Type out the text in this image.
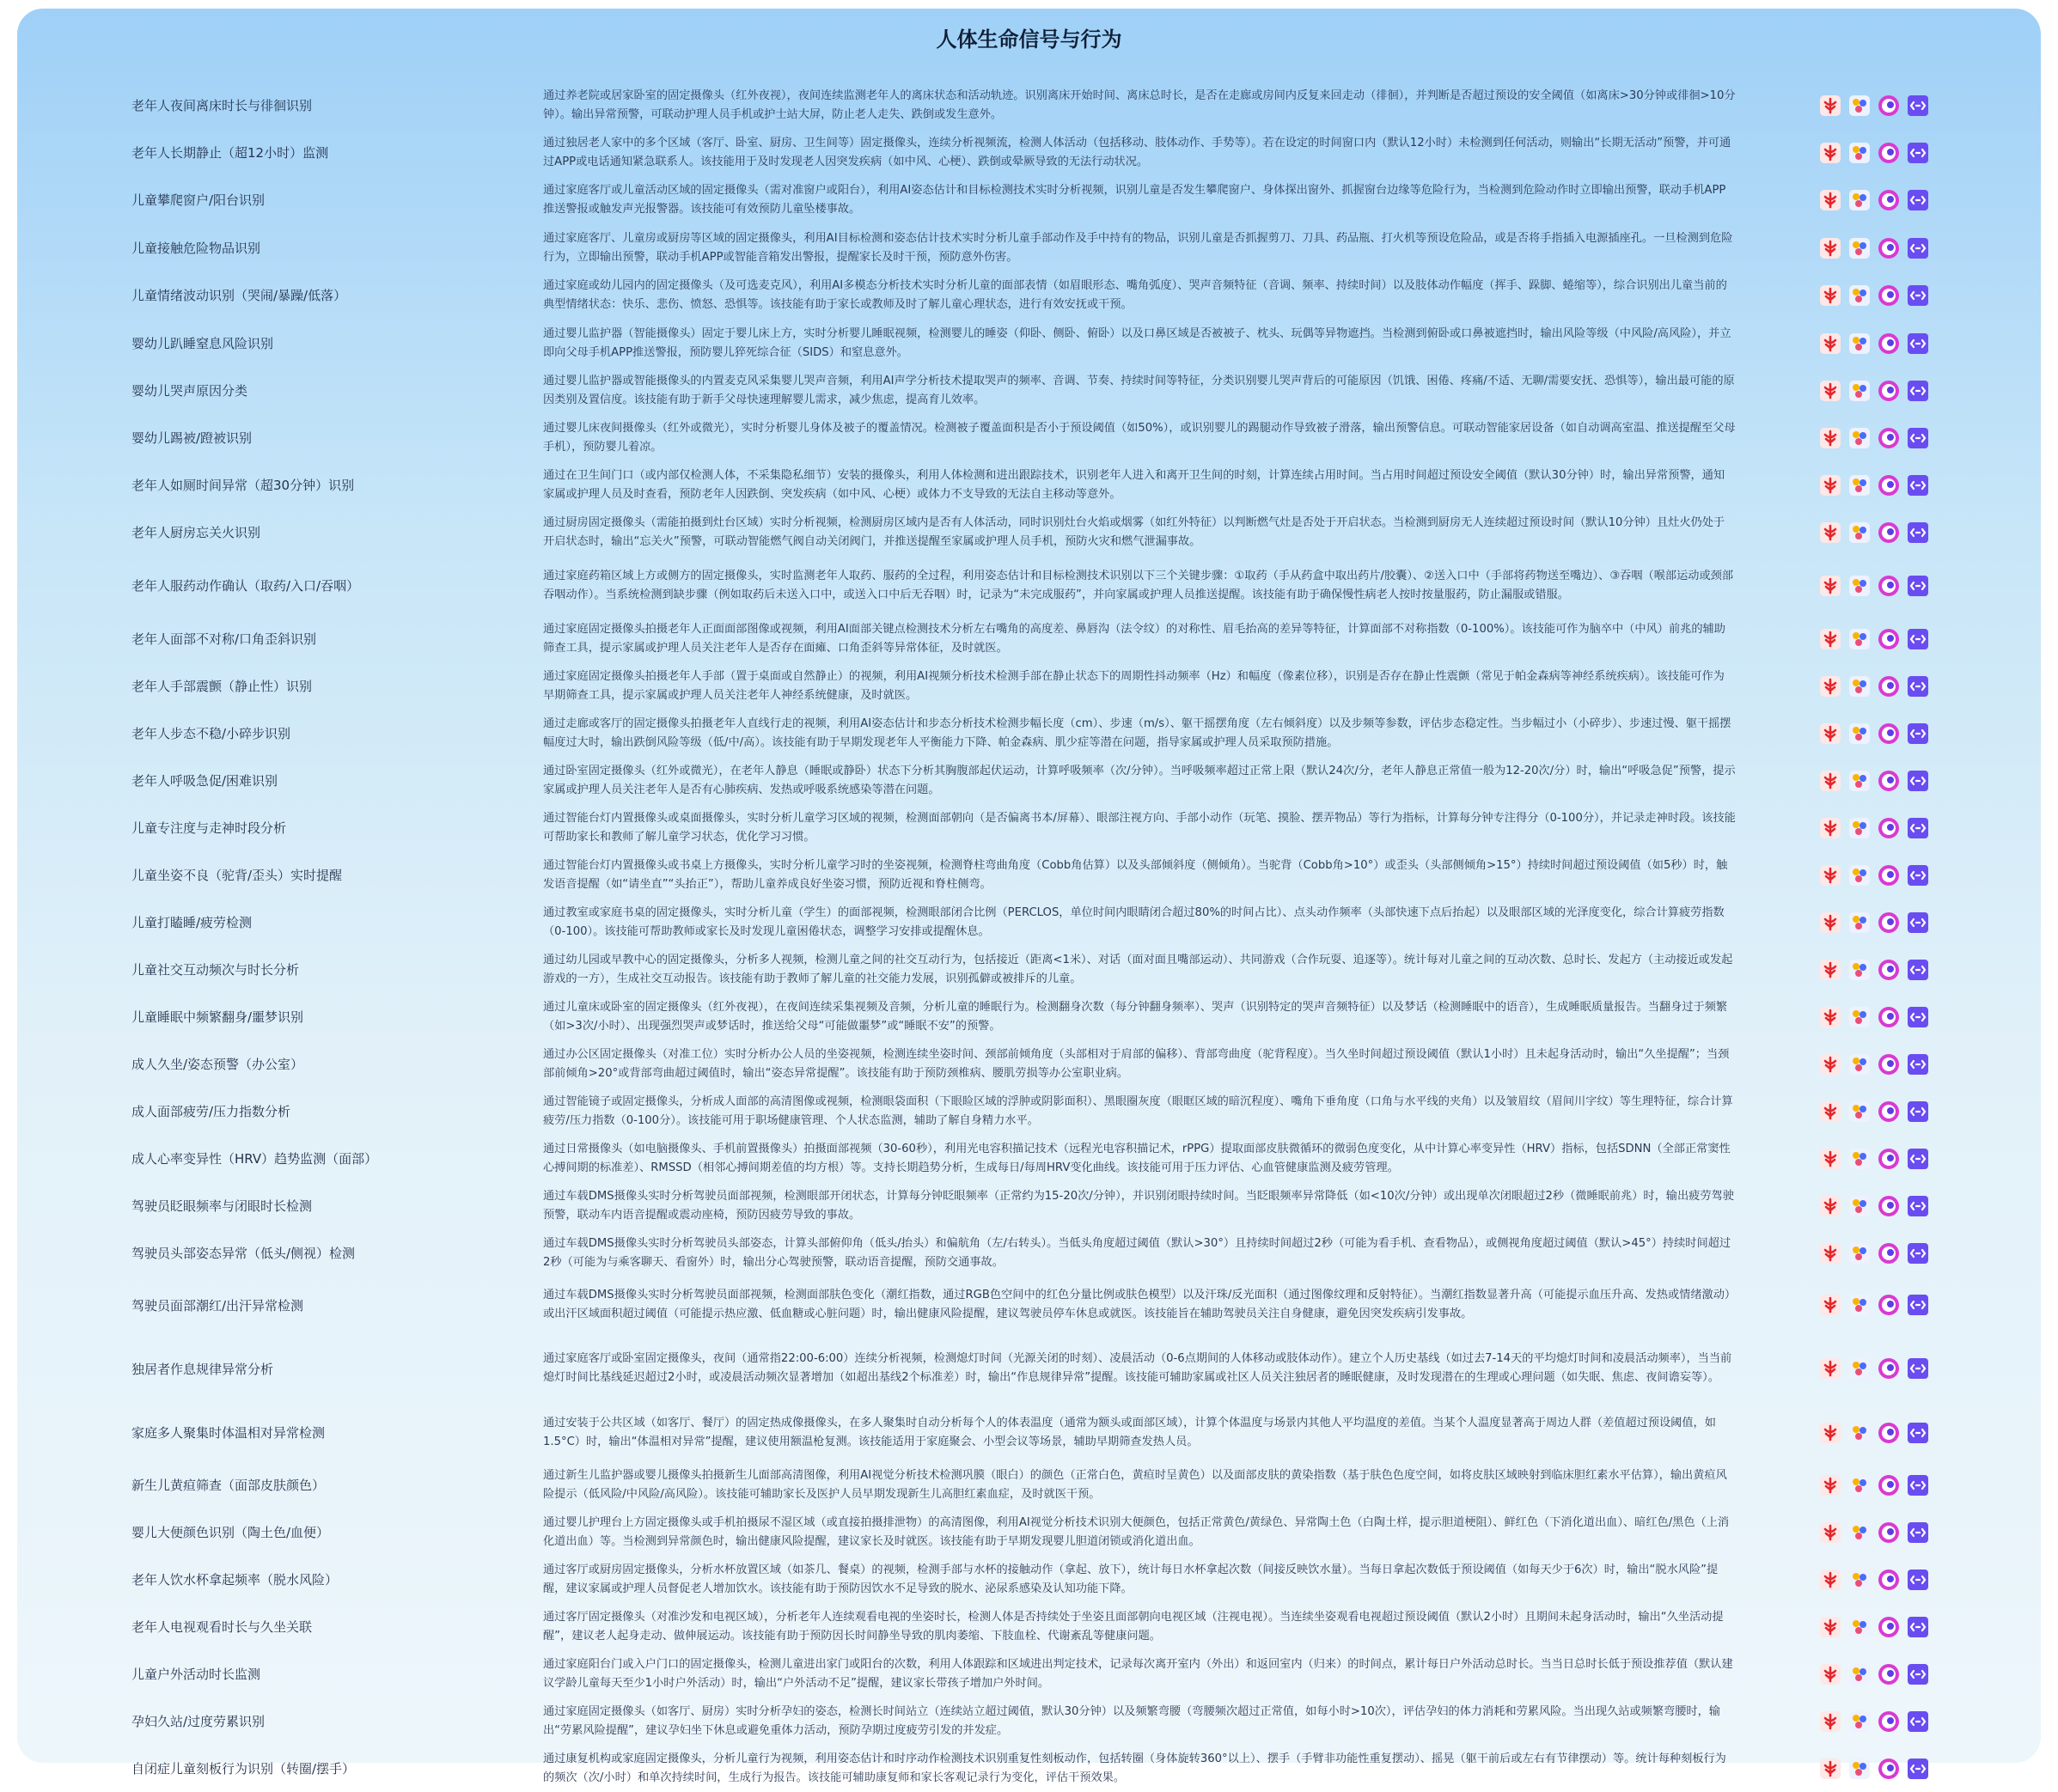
人体生命信号与行为
老年人夜间离床时长与徘徊识别
通过养老院或居家卧室的固定摄像头（红外夜视），夜间连续监测老年人的离床状态和活动轨迹。识别离床开始时间、离床总时长，是否在走廊或房间内反复来回走动（徘徊），并判断是否超过预设的安全阈值（如离床>30分钟或徘徊>10分钟）。输出异常预警，可联动护理人员手机或护士站大屏，防止老人走失、跌倒或发生意外。
老年人长期静止（超12小时）监测
通过独居老人家中的多个区域（客厅、卧室、厨房、卫生间等）固定摄像头，连续分析视频流，检测人体活动（包括移动、肢体动作、手势等）。若在设定的时间窗口内（默认12小时）未检测到任何活动，则输出“长期无活动”预警，并可通过APP或电话通知紧急联系人。该技能用于及时发现老人因突发疾病（如中风、心梗）、跌倒或晕厥导致的无法行动状况。
儿童攀爬窗户/阳台识别
通过家庭客厅或儿童活动区域的固定摄像头（需对准窗户或阳台），利用AI姿态估计和目标检测技术实时分析视频，识别儿童是否发生攀爬窗户、身体探出窗外、抓握窗台边缘等危险行为，当检测到危险动作时立即输出预警，联动手机APP推送警报或触发声光报警器。该技能可有效预防儿童坠楼事故。
儿童接触危险物品识别
通过家庭客厅、儿童房或厨房等区域的固定摄像头，利用AI目标检测和姿态估计技术实时分析儿童手部动作及手中持有的物品，识别儿童是否抓握剪刀、刀具、药品瓶、打火机等预设危险品，或是否将手指插入电源插座孔。一旦检测到危险行为，立即输出预警，联动手机APP或智能音箱发出警报，提醒家长及时干预，预防意外伤害。
儿童情绪波动识别（哭闹/暴躁/低落）
通过家庭或幼儿园内的固定摄像头（及可选麦克风），利用AI多模态分析技术实时分析儿童的面部表情（如眉眼形态、嘴角弧度）、哭声音频特征（音调、频率、持续时间）以及肢体动作幅度（挥手、跺脚、蜷缩等），综合识别出儿童当前的典型情绪状态：快乐、悲伤、愤怒、恐惧等。该技能有助于家长或教师及时了解儿童心理状态，进行有效安抚或干预。
婴幼儿趴睡窒息风险识别
通过婴儿监护器（智能摄像头）固定于婴儿床上方，实时分析婴儿睡眠视频，检测婴儿的睡姿（仰卧、侧卧、俯卧）以及口鼻区域是否被被子、枕头、玩偶等异物遮挡。当检测到俯卧或口鼻被遮挡时，输出风险等级（中风险/高风险），并立即向父母手机APP推送警报，预防婴儿猝死综合征（SIDS）和窒息意外。
婴幼儿哭声原因分类
通过婴儿监护器或智能摄像头的内置麦克风采集婴儿哭声音频，利用AI声学分析技术提取哭声的频率、音调、节奏、持续时间等特征，分类识别婴儿哭声背后的可能原因（饥饿、困倦、疼痛/不适、无聊/需要安抚、恐惧等），输出最可能的原因类别及置信度。该技能有助于新手父母快速理解婴儿需求，减少焦虑，提高育儿效率。
婴幼儿踢被/蹬被识别
通过婴儿床夜间摄像头（红外或微光），实时分析婴儿身体及被子的覆盖情况。检测被子覆盖面积是否小于预设阈值（如50%），或识别婴儿的踢腿动作导致被子滑落，输出预警信息。可联动智能家居设备（如自动调高室温、推送提醒至父母手机），预防婴儿着凉。
老年人如厕时间异常（超30分钟）识别
通过在卫生间门口（或内部仅检测人体，不采集隐私细节）安装的摄像头，利用人体检测和进出跟踪技术，识别老年人进入和离开卫生间的时刻，计算连续占用时间。当占用时间超过预设安全阈值（默认30分钟）时，输出异常预警，通知家属或护理人员及时查看，预防老年人因跌倒、突发疾病（如中风、心梗）或体力不支导致的无法自主移动等意外。
老年人厨房忘关火识别
通过厨房固定摄像头（需能拍摄到灶台区域）实时分析视频，检测厨房区域内是否有人体活动，同时识别灶台火焰或烟雾（如红外特征）以判断燃气灶是否处于开启状态。当检测到厨房无人连续超过预设时间（默认10分钟）且灶火仍处于开启状态时，输出“忘关火”预警，可联动智能燃气阀自动关闭阀门，并推送提醒至家属或护理人员手机，预防火灾和燃气泄漏事故。
老年人服药动作确认（取药/入口/吞咽）
通过家庭药箱区域上方或侧方的固定摄像头，实时监测老年人取药、服药的全过程，利用姿态估计和目标检测技术识别以下三个关键步骤：①取药（手从药盒中取出药片/胶囊）、②送入口中（手部将药物送至嘴边）、③吞咽（喉部运动或颈部吞咽动作）。当系统检测到缺步骤（例如取药后未送入口中，或送入口中后无吞咽）时，记录为“未完成服药”，并向家属或护理人员推送提醒。该技能有助于确保慢性病老人按时按量服药，防止漏服或错服。
老年人面部不对称/口角歪斜识别
通过家庭固定摄像头拍摄老年人正面面部图像或视频，利用AI面部关键点检测技术分析左右嘴角的高度差、鼻唇沟（法令纹）的对称性、眉毛抬高的差异等特征，计算面部不对称指数（0-100%）。该技能可作为脑卒中（中风）前兆的辅助筛查工具，提示家属或护理人员关注老年人是否存在面瘫、口角歪斜等异常体征，及时就医。
老年人手部震颤（静止性）识别
通过家庭固定摄像头拍摄老年人手部（置于桌面或自然静止）的视频，利用AI视频分析技术检测手部在静止状态下的周期性抖动频率（Hz）和幅度（像素位移），识别是否存在静止性震颤（常见于帕金森病等神经系统疾病）。该技能可作为早期筛查工具，提示家属或护理人员关注老年人神经系统健康，及时就医。
老年人步态不稳/小碎步识别
通过走廊或客厅的固定摄像头拍摄老年人直线行走的视频，利用AI姿态估计和步态分析技术检测步幅长度（cm）、步速（m/s）、躯干摇摆角度（左右倾斜度）以及步频等参数，评估步态稳定性。当步幅过小（小碎步）、步速过慢、躯干摇摆幅度过大时，输出跌倒风险等级（低/中/高）。该技能有助于早期发现老年人平衡能力下降、帕金森病、肌少症等潜在问题，指导家属或护理人员采取预防措施。
老年人呼吸急促/困难识别
通过卧室固定摄像头（红外或微光），在老年人静息（睡眠或静卧）状态下分析其胸腹部起伏运动，计算呼吸频率（次/分钟）。当呼吸频率超过正常上限（默认24次/分，老年人静息正常值一般为12-20次/分）时，输出“呼吸急促”预警，提示家属或护理人员关注老年人是否有心肺疾病、发热或呼吸系统感染等潜在问题。
儿童专注度与走神时段分析
通过智能台灯内置摄像头或桌面摄像头，实时分析儿童学习区域的视频，检测面部朝向（是否偏离书本/屏幕）、眼部注视方向、手部小动作（玩笔、摸脸、摆弄物品）等行为指标，计算每分钟专注得分（0-100分），并记录走神时段。该技能可帮助家长和教师了解儿童学习状态，优化学习习惯。
儿童坐姿不良（驼背/歪头）实时提醒
通过智能台灯内置摄像头或书桌上方摄像头，实时分析儿童学习时的坐姿视频，检测脊柱弯曲角度（Cobb角估算）以及头部倾斜度（侧倾角）。当驼背（Cobb角>10°）或歪头（头部侧倾角>15°）持续时间超过预设阈值（如5秒）时，触发语音提醒（如“请坐直”“头抬正”），帮助儿童养成良好坐姿习惯，预防近视和脊柱侧弯。
儿童打瞌睡/疲劳检测
通过教室或家庭书桌的固定摄像头，实时分析儿童（学生）的面部视频，检测眼部闭合比例（PERCLOS，单位时间内眼睛闭合超过80%的时间占比）、点头动作频率（头部快速下点后抬起）以及眼部区域的光泽度变化，综合计算疲劳指数（0-100）。该技能可帮助教师或家长及时发现儿童困倦状态，调整学习安排或提醒休息。
儿童社交互动频次与时长分析
通过幼儿园或早教中心的固定摄像头，分析多人视频，检测儿童之间的社交互动行为，包括接近（距离<1米）、对话（面对面且嘴部运动）、共同游戏（合作玩耍、追逐等）。统计每对儿童之间的互动次数、总时长、发起方（主动接近或发起游戏的一方），生成社交互动报告。该技能有助于教师了解儿童的社交能力发展，识别孤僻或被排斥的儿童。
儿童睡眠中频繁翻身/噩梦识别
通过儿童床或卧室的固定摄像头（红外夜视），在夜间连续采集视频及音频，分析儿童的睡眠行为。检测翻身次数（每分钟翻身频率）、哭声（识别特定的哭声音频特征）以及梦话（检测睡眠中的语音），生成睡眠质量报告。当翻身过于频繁（如>3次/小时）、出现强烈哭声或梦话时，推送给父母“可能做噩梦”或“睡眠不安”的预警。
成人久坐/姿态预警（办公室）
通过办公区固定摄像头（对准工位）实时分析办公人员的坐姿视频，检测连续坐姿时间、颈部前倾角度（头部相对于肩部的偏移）、背部弯曲度（驼背程度）。当久坐时间超过预设阈值（默认1小时）且未起身活动时，输出“久坐提醒”；当颈部前倾角>20°或背部弯曲超过阈值时，输出“姿态异常提醒”。该技能有助于预防颈椎病、腰肌劳损等办公室职业病。
成人面部疲劳/压力指数分析
通过智能镜子或固定摄像头，分析成人面部的高清图像或视频，检测眼袋面积（下眼睑区域的浮肿或阴影面积）、黑眼圈灰度（眼眶区域的暗沉程度）、嘴角下垂角度（口角与水平线的夹角）以及皱眉纹（眉间川字纹）等生理特征，综合计算疲劳/压力指数（0-100分）。该技能可用于职场健康管理、个人状态监测，辅助了解自身精力水平。
成人心率变异性（HRV）趋势监测（面部）
通过日常摄像头（如电脑摄像头、手机前置摄像头）拍摄面部视频（30-60秒），利用光电容积描记技术（远程光电容积描记术，rPPG）提取面部皮肤微循环的微弱色度变化，从中计算心率变异性（HRV）指标，包括SDNN（全部正常窦性心搏间期的标准差）、RMSSD（相邻心搏间期差值的均方根）等。支持长期趋势分析，生成每日/每周HRV变化曲线。该技能可用于压力评估、心血管健康监测及疲劳管理。
驾驶员眨眼频率与闭眼时长检测
通过车载DMS摄像头实时分析驾驶员面部视频，检测眼部开闭状态，计算每分钟眨眼频率（正常约为15-20次/分钟），并识别闭眼持续时间。当眨眼频率异常降低（如<10次/分钟）或出现单次闭眼超过2秒（微睡眠前兆）时，输出疲劳驾驶预警，联动车内语音提醒或震动座椅，预防因疲劳导致的事故。
驾驶员头部姿态异常（低头/侧视）检测
通过车载DMS摄像头实时分析驾驶员头部姿态，计算头部俯仰角（低头/抬头）和偏航角（左/右转头）。当低头角度超过阈值（默认>30°）且持续时间超过2秒（可能为看手机、查看物品），或侧视角度超过阈值（默认>45°）持续时间超过2秒（可能为与乘客聊天、看窗外）时，输出分心驾驶预警，联动语音提醒，预防交通事故。
驾驶员面部潮红/出汗异常检测
通过车载DMS摄像头实时分析驾驶员面部视频，检测面部肤色变化（潮红指数，通过RGB色空间中的红色分量比例或肤色模型）以及汗珠/反光面积（通过图像纹理和反射特征）。当潮红指数显著升高（可能提示血压升高、发热或情绪激动）或出汗区域面积超过阈值（可能提示热应激、低血糖或心脏问题）时，输出健康风险提醒，建议驾驶员停车休息或就医。该技能旨在辅助驾驶员关注自身健康，避免因突发疾病引发事故。
独居者作息规律异常分析
通过家庭客厅或卧室固定摄像头，夜间（通常指22:00-6:00）连续分析视频，检测熄灯时间（光源关闭的时刻）、凌晨活动（0-6点期间的人体移动或肢体动作）。建立个人历史基线（如过去7-14天的平均熄灯时间和凌晨活动频率），当当前熄灯时间比基线延迟超过2小时，或凌晨活动频次显著增加（如超出基线2个标准差）时，输出“作息规律异常”提醒。该技能可辅助家属或社区人员关注独居者的睡眠健康，及时发现潜在的生理或心理问题（如失眠、焦虑、夜间谵妄等）。
家庭多人聚集时体温相对异常检测
通过安装于公共区域（如客厅、餐厅）的固定热成像摄像头，在多人聚集时自动分析每个人的体表温度（通常为额头或面部区域），计算个体温度与场景内其他人平均温度的差值。当某个人温度显著高于周边人群（差值超过预设阈值，如1.5°C）时，输出“体温相对异常”提醒，建议使用额温枪复测。该技能适用于家庭聚会、小型会议等场景，辅助早期筛查发热人员。
新生儿黄疸筛查（面部皮肤颜色）
通过新生儿监护器或婴儿摄像头拍摄新生儿面部高清图像，利用AI视觉分析技术检测巩膜（眼白）的颜色（正常白色，黄疸时呈黄色）以及面部皮肤的黄染指数（基于肤色色度空间，如将皮肤区域映射到临床胆红素水平估算），输出黄疸风险提示（低风险/中风险/高风险）。该技能可辅助家长及医护人员早期发现新生儿高胆红素血症，及时就医干预。
婴儿大便颜色识别（陶土色/血便）
通过婴儿护理台上方固定摄像头或手机拍摄尿不湿区域（或直接拍摄排泄物）的高清图像，利用AI视觉分析技术识别大便颜色，包括正常黄色/黄绿色、异常陶土色（白陶土样，提示胆道梗阻）、鲜红色（下消化道出血）、暗红色/黑色（上消化道出血）等。当检测到异常颜色时，输出健康风险提醒，建议家长及时就医。该技能有助于早期发现婴儿胆道闭锁或消化道出血。
老年人饮水杯拿起频率（脱水风险）
通过客厅或厨房固定摄像头，分析水杯放置区域（如茶几、餐桌）的视频，检测手部与水杯的接触动作（拿起、放下），统计每日水杯拿起次数（间接反映饮水量）。当每日拿起次数低于预设阈值（如每天少于6次）时，输出“脱水风险”提醒，建议家属或护理人员督促老人增加饮水。该技能有助于预防因饮水不足导致的脱水、泌尿系感染及认知功能下降。
老年人电视观看时长与久坐关联
通过客厅固定摄像头（对准沙发和电视区域），分析老年人连续观看电视的坐姿时长，检测人体是否持续处于坐姿且面部朝向电视区域（注视电视）。当连续坐姿观看电视超过预设阈值（默认2小时）且期间未起身活动时，输出“久坐活动提醒”，建议老人起身走动、做伸展运动。该技能有助于预防因长时间静坐导致的肌肉萎缩、下肢血栓、代谢紊乱等健康问题。
儿童户外活动时长监测
通过家庭阳台门或入户门口的固定摄像头，检测儿童进出家门或阳台的次数，利用人体跟踪和区域进出判定技术，记录每次离开室内（外出）和返回室内（归来）的时间点，累计每日户外活动总时长。当当日总时长低于预设推荐值（默认建议学龄儿童每天至少1小时户外活动）时，输出“户外活动不足”提醒，建议家长带孩子增加户外时间。
孕妇久站/过度劳累识别
通过家庭固定摄像头（如客厅、厨房）实时分析孕妇的姿态，检测长时间站立（连续站立超过阈值，默认30分钟）以及频繁弯腰（弯腰频次超过正常值，如每小时>10次），评估孕妇的体力消耗和劳累风险。当出现久站或频繁弯腰时，输出“劳累风险提醒”，建议孕妇坐下休息或避免重体力活动，预防孕期过度疲劳引发的并发症。
自闭症儿童刻板行为识别（转圈/摆手）
通过康复机构或家庭固定摄像头，分析儿童行为视频，利用姿态估计和时序动作检测技术识别重复性刻板动作，包括转圈（身体旋转360°以上）、摆手（手臂非功能性重复摆动）、摇晃（躯干前后或左右有节律摆动）等。统计每种刻板行为的频次（次/小时）和单次持续时间，生成行为报告。该技能可辅助康复师和家长客观记录行为变化，评估干预效果。
